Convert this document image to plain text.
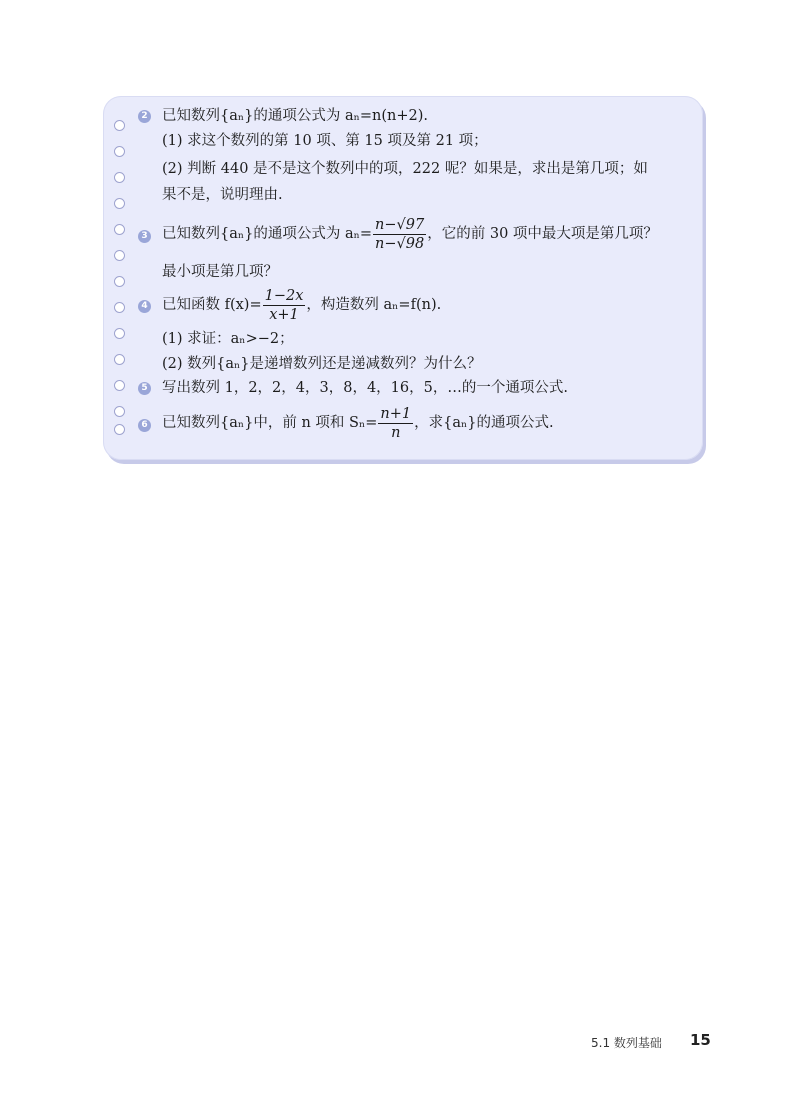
2 已知数列{aₙ}的通项公式为 aₙ=n(n+2).
(1) 求这个数列的第 10 项、第 15 项及第 21 项；
(2) 判断 440 是不是这个数列中的项，222 呢？如果是，求出是第几项；如
果不是，说明理由.
3 已知数列{aₙ}的通项公式为 $a_n= \frac{n-√97}{n-√98}$ ，它的前 30 项中最大项是第几项？
最小项是第几项？
4 已知函数 $f(x)= \frac{1-2x}{x+1}$ ，构造数列 aₙ=f(n).
(1) 求证：aₙ>−2；
(2) 数列{aₙ}是递增数列还是递减数列？为什么？
5 写出数列 1，2，2，4，3，8，4，16，5，…的一个通项公式.
6 已知数列{aₙ}中，前 n 项和 $S_n= \frac{n+1}{n}$ ，求{aₙ}的通项公式.
5.1 数列基础 15
